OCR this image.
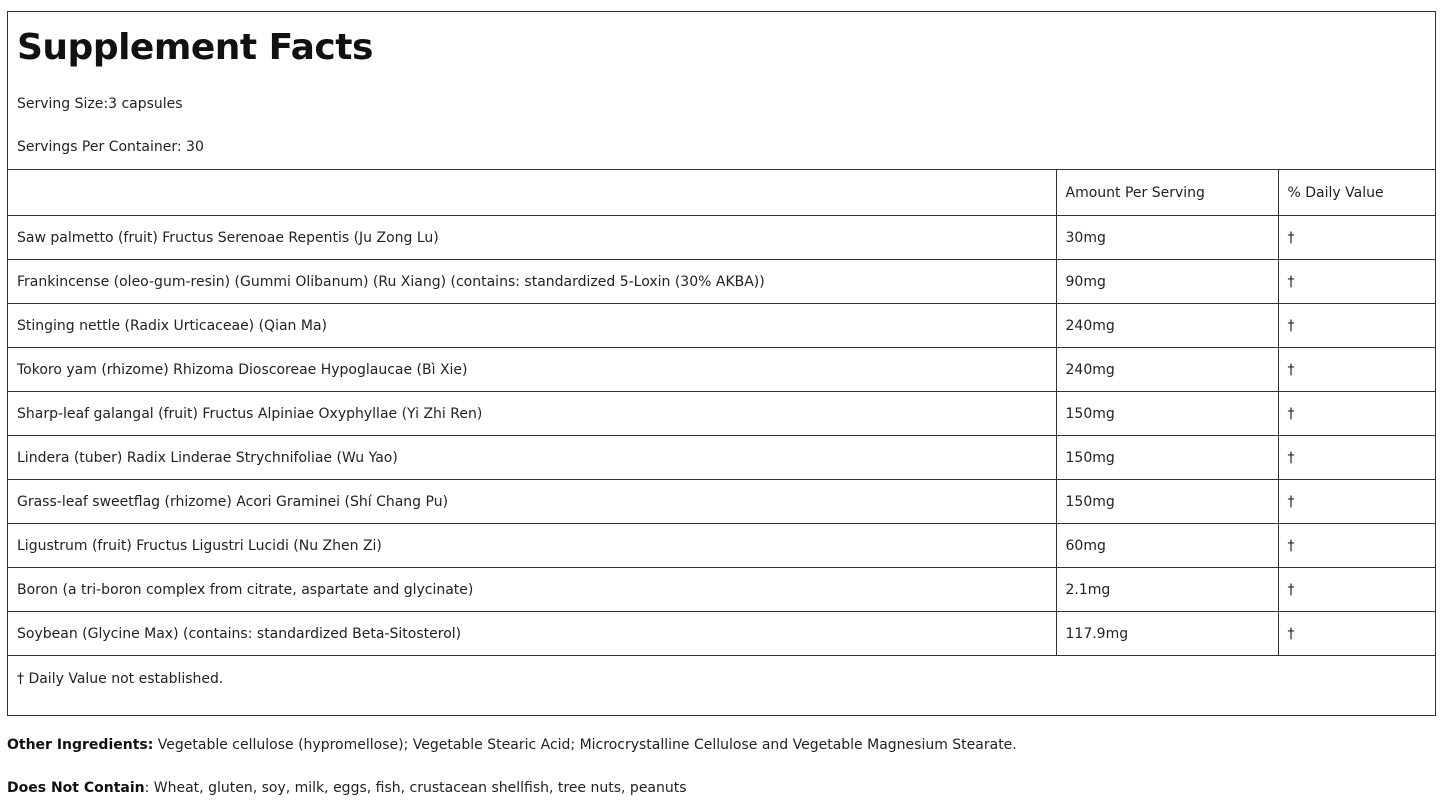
Supplement Facts
Serving Size:3 capsules
Servings Per Container: 30
	Amount Per Serving	% Daily Value
Saw palmetto (fruit) Fructus Serenoae Repentis (Ju Zong Lu)	30mg	†
Frankincense (oleo-gum-resin) (Gummi Olibanum) (Ru Xiang) (contains: standardized 5-Loxin (30% AKBA))	90mg	†
Stinging nettle (Radix Urticaceae) (Qian Ma)	240mg	†
Tokoro yam (rhizome) Rhizoma Dioscoreae Hypoglaucae (Bì Xie)	240mg	†
Sharp-leaf galangal (fruit) Fructus Alpiniae Oxyphyllae (Yi Zhi Ren)	150mg	†
Lindera (tuber) Radix Linderae Strychnifoliae (Wu Yao)	150mg	†
Grass-leaf sweetflag (rhizome) Acori Graminei (Shí Chang Pu)	150mg	†
Ligustrum (fruit) Fructus Ligustri Lucidi (Nu Zhen Zi)	60mg	†
Boron (a tri-boron complex from citrate, aspartate and glycinate)	2.1mg	†
Soybean (Glycine Max) (contains: standardized Beta-Sitosterol)	117.9mg	†
† Daily Value not established.		
Other Ingredients: Vegetable cellulose (hypromellose); Vegetable Stearic Acid; Microcrystalline Cellulose and Vegetable Magnesium Stearate.
Does Not Contain: Wheat, gluten, soy, milk, eggs, fish, crustacean shellfish, tree nuts, peanuts
